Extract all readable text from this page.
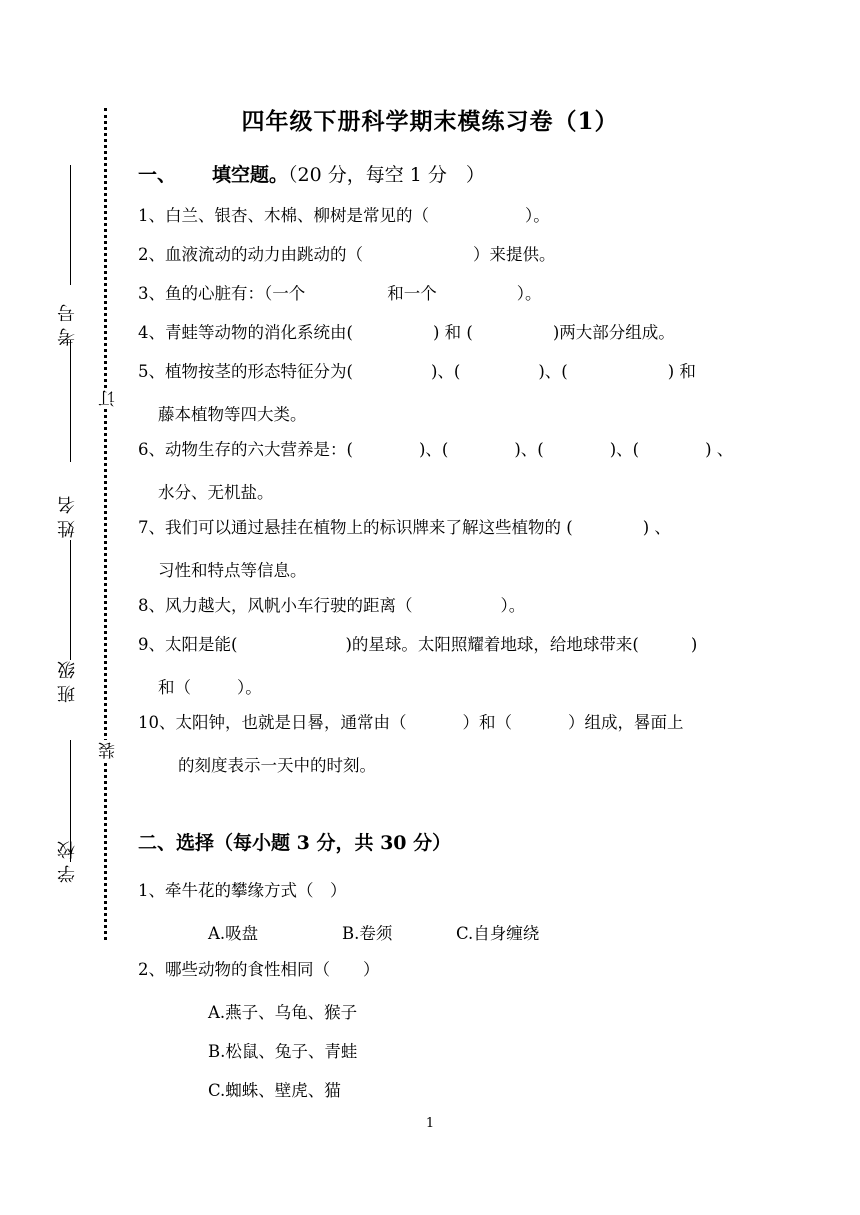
订
装
考号
姓名
班级
学校
四年级下册科学期末模练习卷（1）
一、 填空题。（20 分，每空 1 分　）
1、白兰、银杏、木棉、柳树是常见的（	）。
2、血液流动的动力由跳动的（	）来提供。
3、鱼的心脏有：（一个	和一个	）。
4、青蛙等动物的消化系统由(	) 和 (	)两大部分组成。
5、植物按茎的形态特征分为(	)、(	)、(	) 和
藤本植物等四大类。
6、动物生存的六大营养是：(	)、(	)、(	)、(	) 、
水分、无机盐。
7、我们可以通过悬挂在植物上的标识牌来了解这些植物的 (	) 、
习性和特点等信息。
8、风力越大，风帆小车行驶的距离（	）。
9、太阳是能(	)的星球。太阳照耀着地球，给地球带来(	)
和（	）。
10、太阳钟，也就是日晷，通常由（	）和（	）组成，晷面上
的刻度表示一天中的时刻。
二、选择（每小题 3 分，共 30 分）
1、牵牛花的攀缘方式（　）
A.吸盘	B.卷须	C.自身缠绕
2、哪些动物的食性相同（　　）
A.燕子、乌龟、猴子
B.松鼠、兔子、青蛙
C.蜘蛛、壁虎、猫
1
